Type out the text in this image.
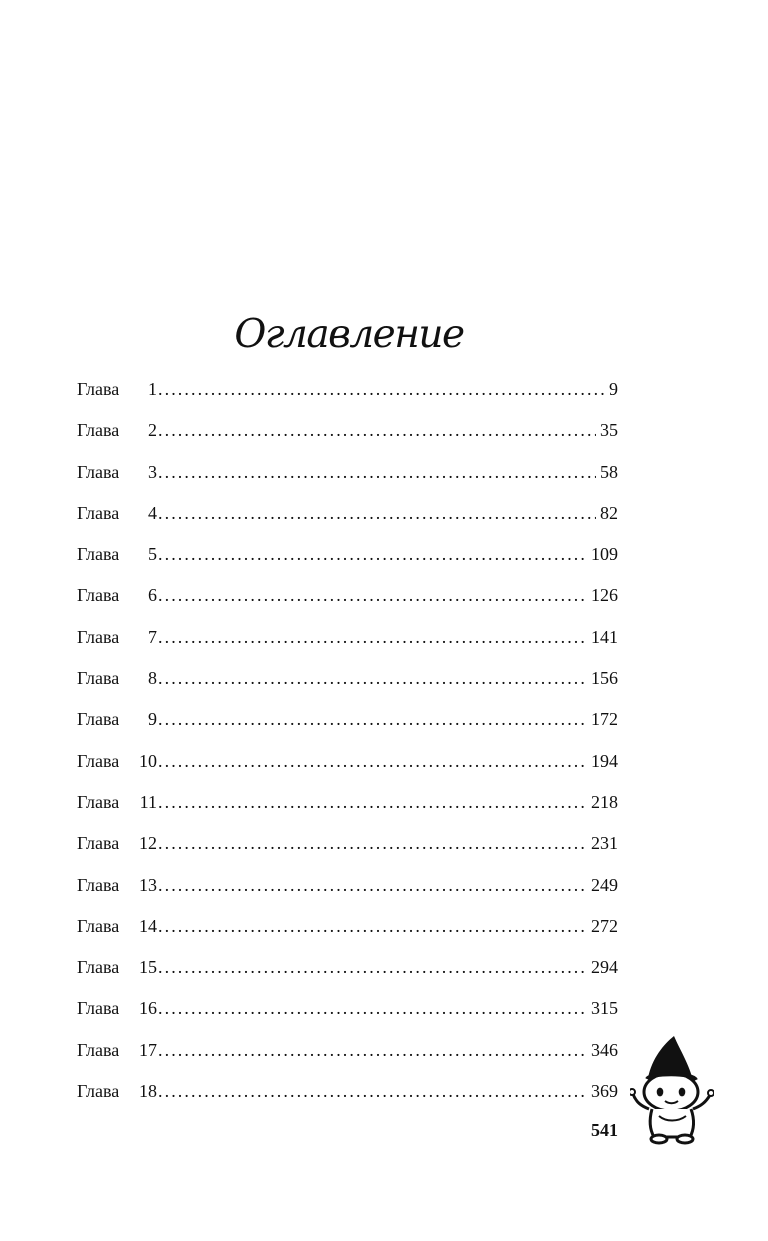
Оглавление
Глава	1 . . .	9
Глава	2 . . .	35
Глава	3 . . .	58
Глава	4 . . .	82
Глава	5 . . .	109
Глава	6 . . .	126
Глава	7 . . .	141
Глава	8 . . .	156
Глава	9 . . .	172
Глава	10 . . .	194
Глава	11 . . .	218
Глава	12 . . .	231
Глава	13 . . .	249
Глава	14 . . .	272
Глава	15 . . .	294
Глава	16 . . .	315
Глава	17 . . .	346
Глава	18 . . .	369
541
